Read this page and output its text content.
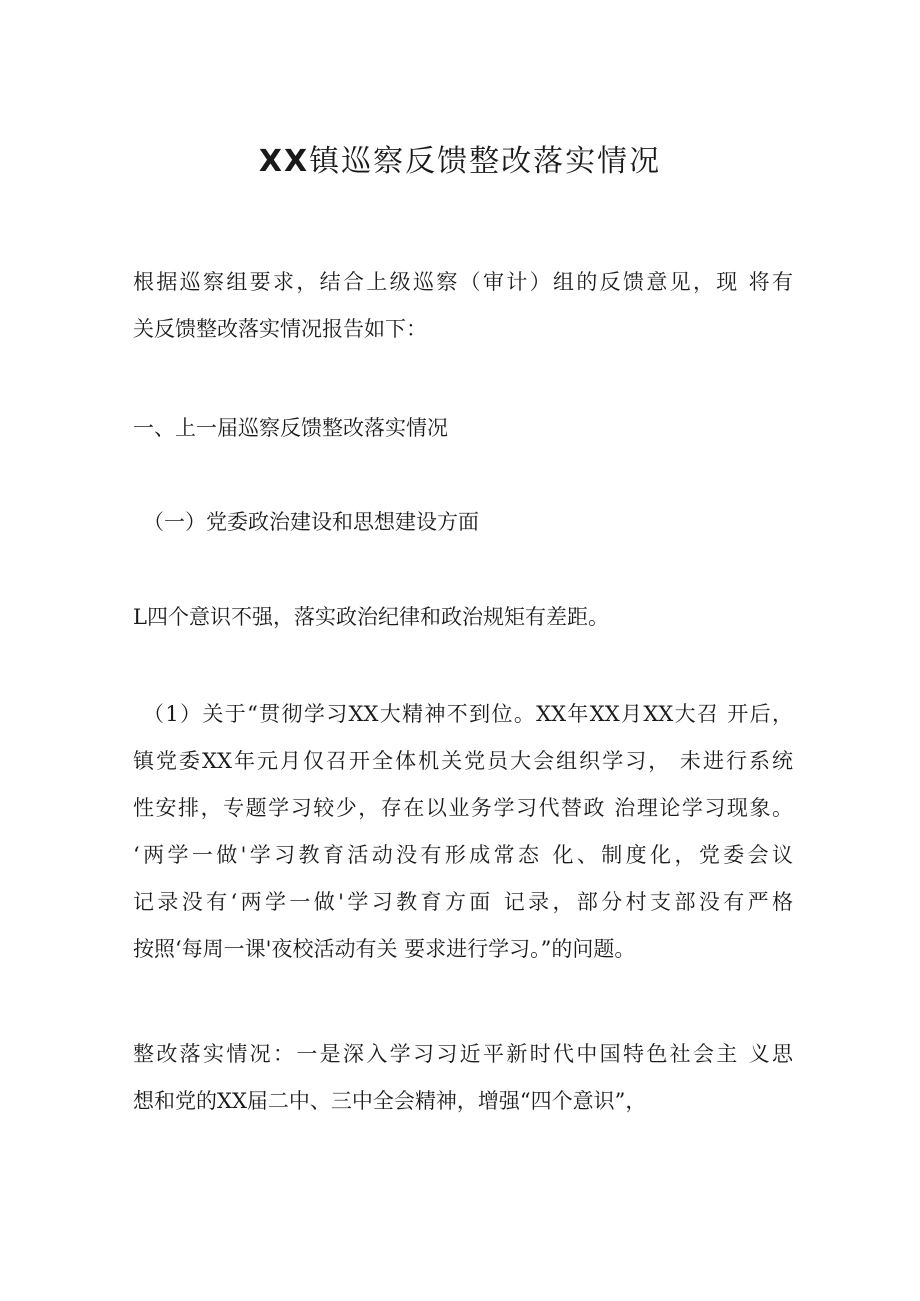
XX镇巡察反馈整改落实情况
根据巡察组要求，结合上级巡察（审计）组的反馈意见，现 将有
关反馈整改落实情况报告如下：
一、上一届巡察反馈整改落实情况
（一）党委政治建设和思想建设方面
L四个意识不强，落实政治纪律和政治规矩有差距。
（1）关于“贯彻学习XX大精神不到位。XX年XX月XX大召 开后，
镇党委XX年元月仅召开全体机关党员大会组织学习， 未进行系统
性安排，专题学习较少，存在以业务学习代替政 治理论学习现象。
‘两学一做'学习教育活动没有形成常态 化、制度化，党委会议
记录没有‘两学一做'学习教育方面 记录，部分村支部没有严格
按照‘每周一课'夜校活动有关 要求进行学习。”的问题。
整改落实情况：一是深入学习习近平新时代中国特色社会主 义思
想和党的XX届二中、三中全会精神，增强“四个意识”，
